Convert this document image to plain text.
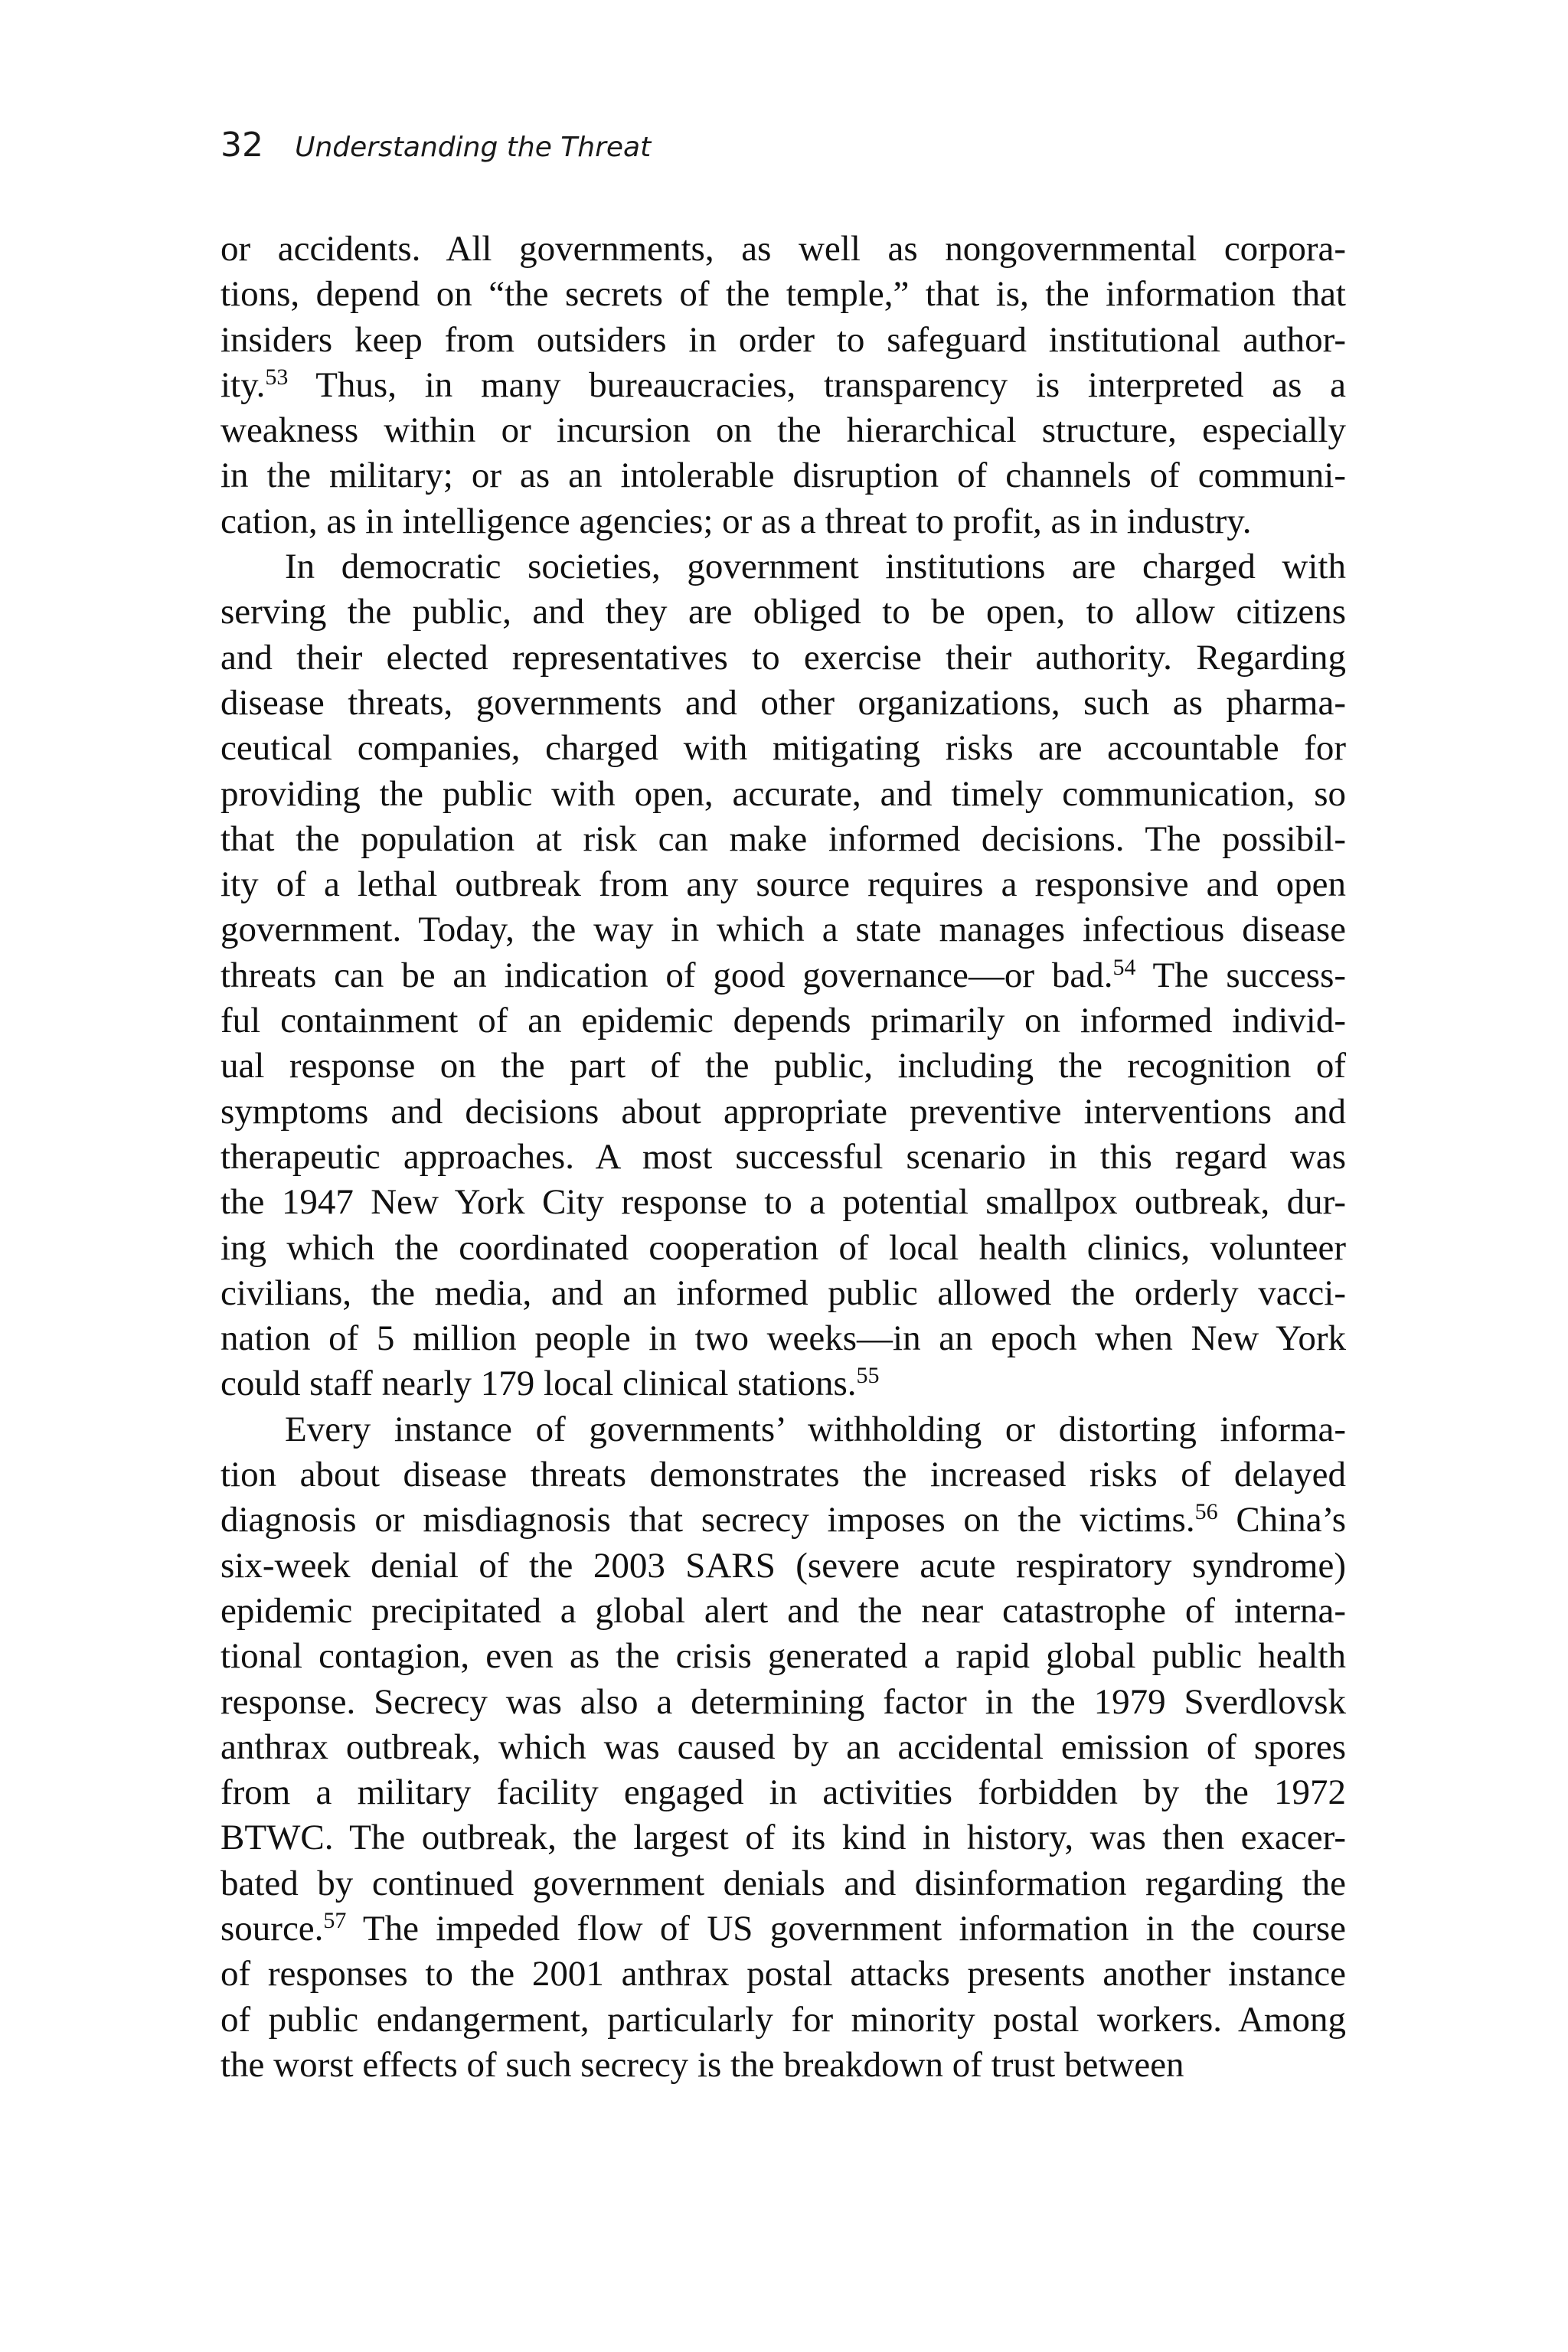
32 Understanding the Threat
or accidents. All governments, as well as nongovernmental corpora-
tions, depend on “the secrets of the temple,” that is, the information that
insiders keep from outsiders in order to safeguard institutional author-
ity.$^{53}$ Thus, in many bureaucracies, transparency is interpreted as a
weakness within or incursion on the hierarchical structure, especially
in the military; or as an intolerable disruption of channels of communi-
cation, as in intelligence agencies; or as a threat to profit, as in industry.
In democratic societies, government institutions are charged with
serving the public, and they are obliged to be open, to allow citizens
and their elected representatives to exercise their authority. Regarding
disease threats, governments and other organizations, such as pharma-
ceutical companies, charged with mitigating risks are accountable for
providing the public with open, accurate, and timely communication, so
that the population at risk can make informed decisions. The possibil-
ity of a lethal outbreak from any source requires a responsive and open
government. Today, the way in which a state manages infectious disease
threats can be an indication of good governance—or bad.$^{54}$ The success-
ful containment of an epidemic depends primarily on informed individ-
ual response on the part of the public, including the recognition of
symptoms and decisions about appropriate preventive interventions and
therapeutic approaches. A most successful scenario in this regard was
the 1947 New York City response to a potential smallpox outbreak, dur-
ing which the coordinated cooperation of local health clinics, volunteer
civilians, the media, and an informed public allowed the orderly vacci-
nation of 5 million people in two weeks—in an epoch when New York
could staff nearly 179 local clinical stations.$^{55}$
Every instance of governments’ withholding or distorting informa-
tion about disease threats demonstrates the increased risks of delayed
diagnosis or misdiagnosis that secrecy imposes on the victims.$^{56}$ China’s
six-week denial of the 2003 SARS (severe acute respiratory syndrome)
epidemic precipitated a global alert and the near catastrophe of interna-
tional contagion, even as the crisis generated a rapid global public health
response. Secrecy was also a determining factor in the 1979 Sverdlovsk
anthrax outbreak, which was caused by an accidental emission of spores
from a military facility engaged in activities forbidden by the 1972
BTWC. The outbreak, the largest of its kind in history, was then exacer-
bated by continued government denials and disinformation regarding the
source.$^{57}$ The impeded flow of US government information in the course
of responses to the 2001 anthrax postal attacks presents another instance
of public endangerment, particularly for minority postal workers. Among
the worst effects of such secrecy is the breakdown of trust between
